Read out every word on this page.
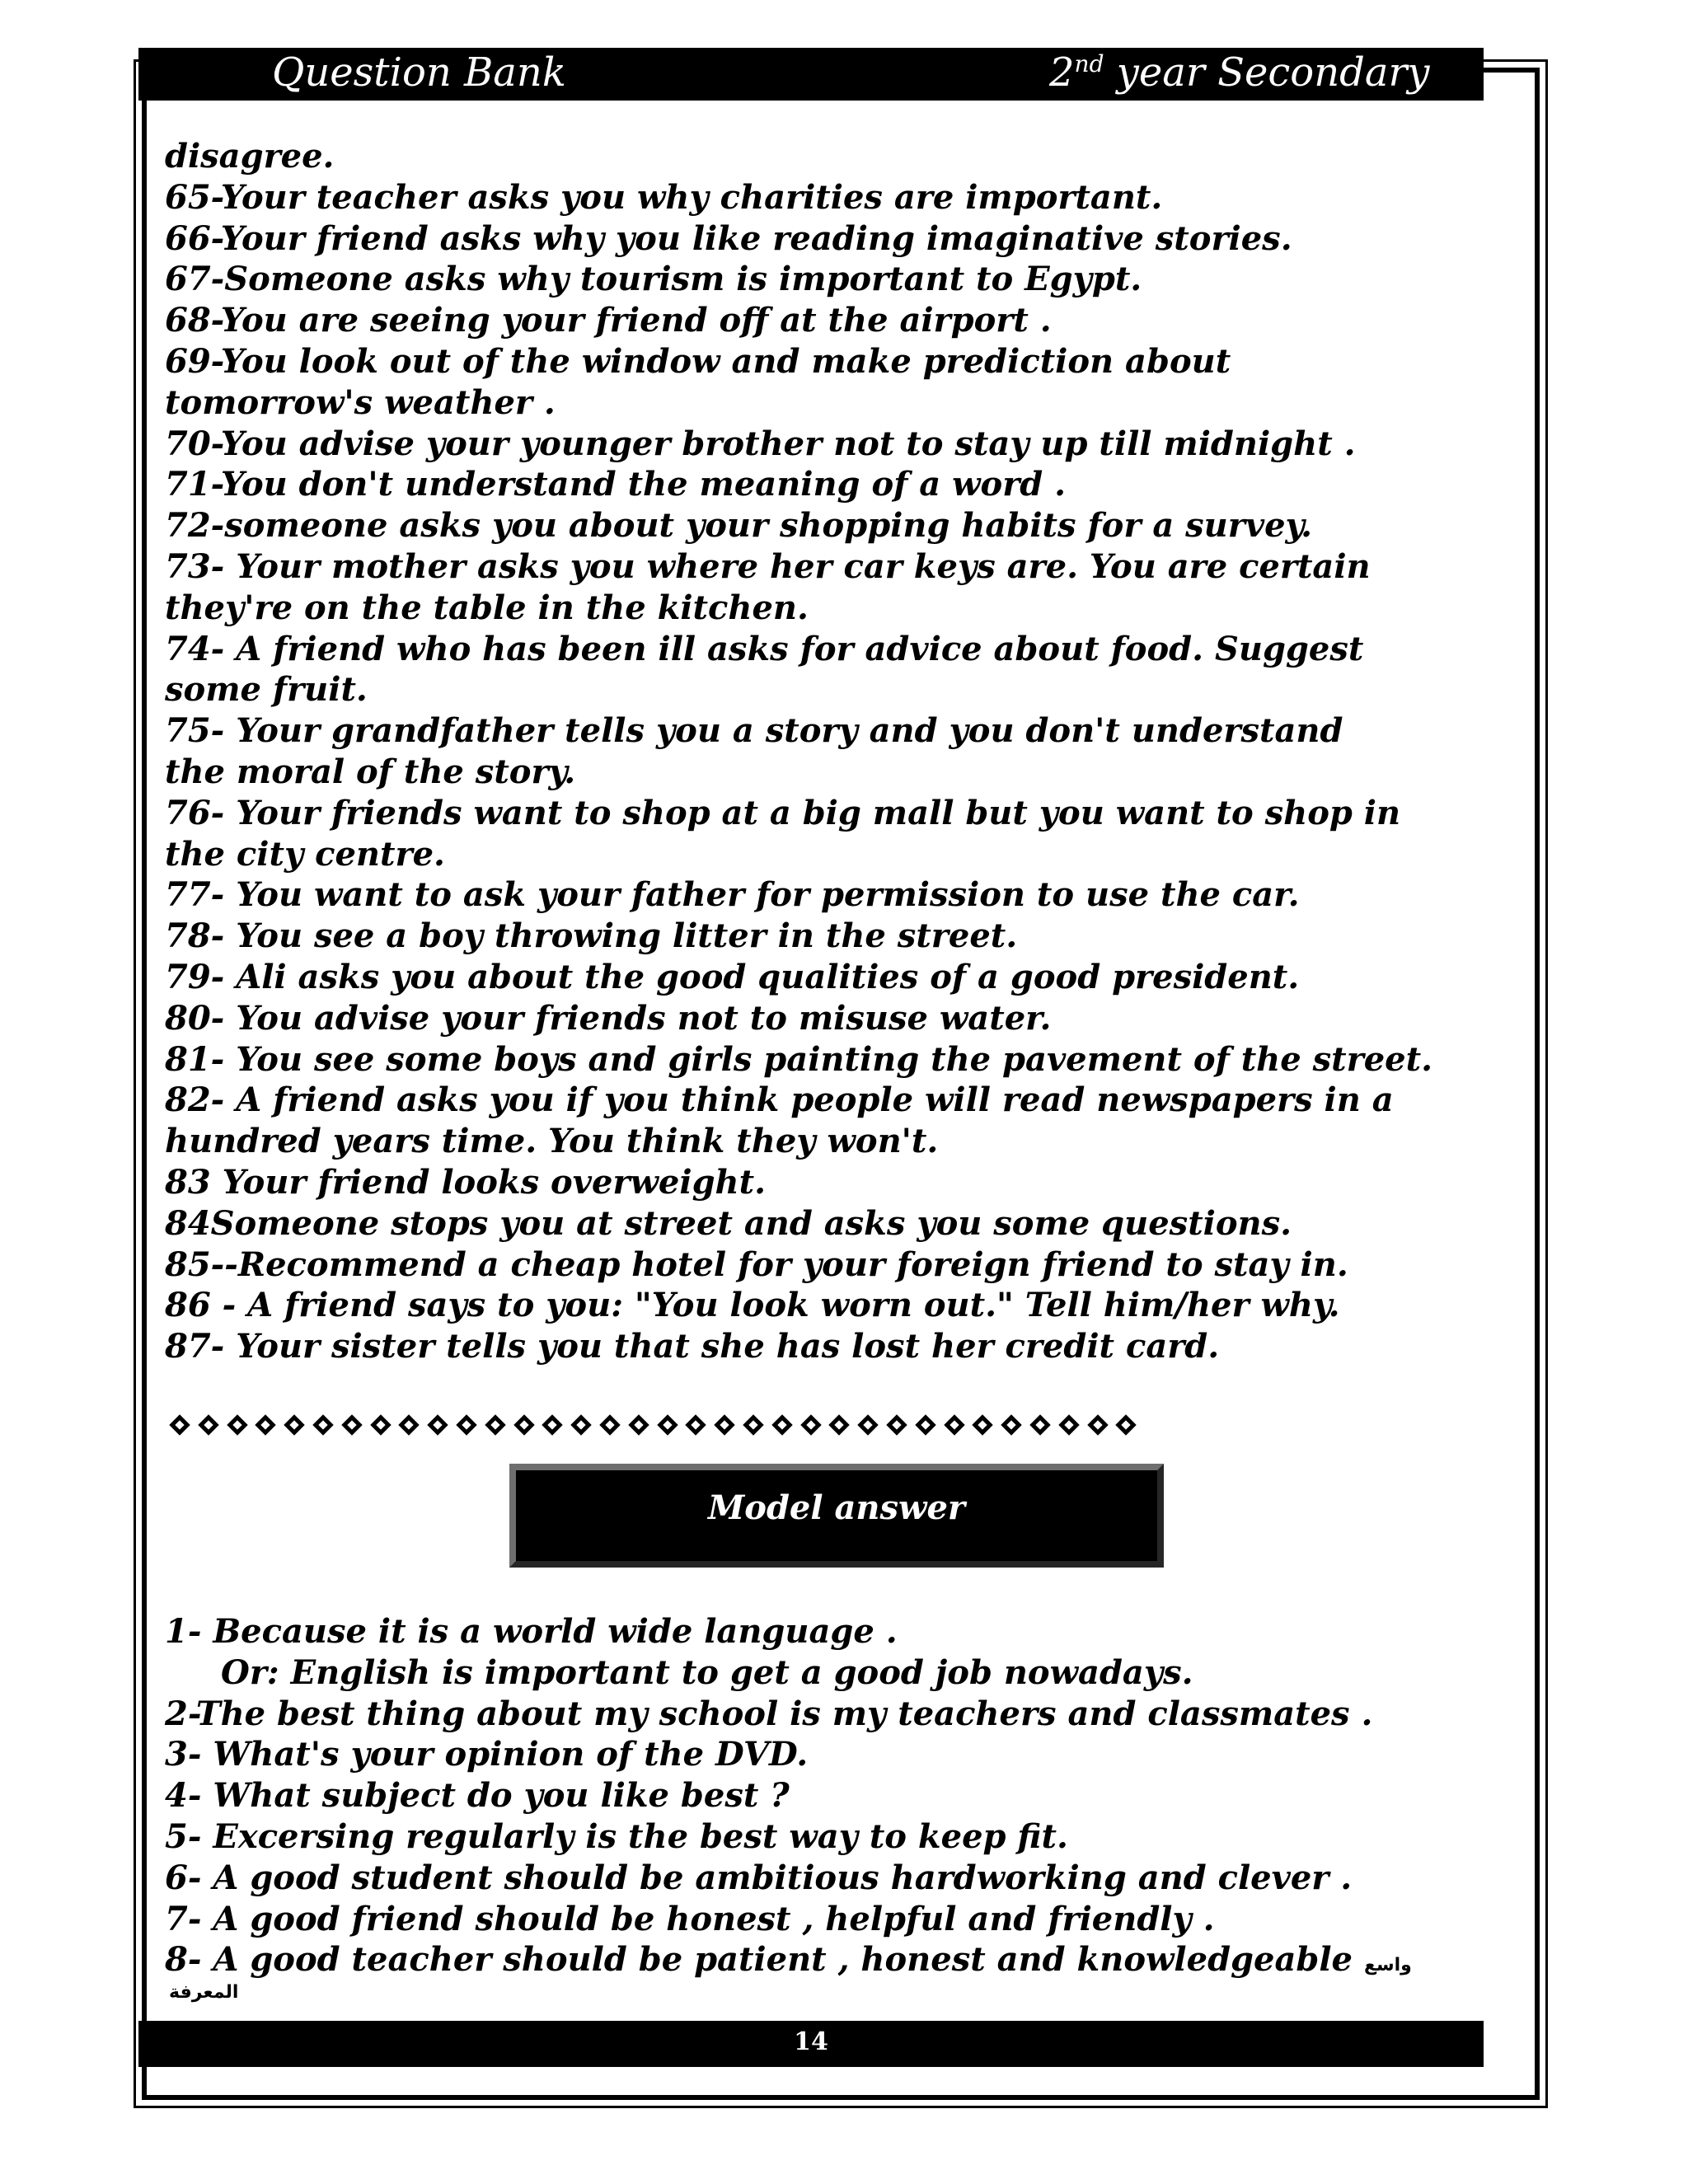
Question Bank	2nd year Secondary
disagree.
65-Your teacher asks you why charities are important.
66-Your friend asks why you like reading imaginative stories.
67-Someone asks why tourism is important to Egypt.
68-You are seeing your friend off at the airport .
69-You look out of the window and make prediction about
tomorrow's weather .
70-You advise your younger brother not to stay up till midnight .
71-You don't understand the meaning of a word .
72-someone asks you about your shopping habits for a survey.
73- Your mother asks you where her car keys are. You are certain
they're on the table in the kitchen.
74- A friend who has been ill asks for advice about food. Suggest
some fruit.
75- Your grandfather tells you a story and you don't understand
the moral of the story.
76- Your friends want to shop at a big mall but you want to shop in
the city centre.
77- You want to ask your father for permission to use the car.
78- You see a boy throwing litter in the street.
79- Ali asks you about the good qualities of a good president.
80- You advise your friends not to misuse water.
81- You see some boys and girls painting the pavement of the street.
82- A friend asks you if you think people will read newspapers in a
hundred years time. You think they won't.
83 Your friend looks overweight.
84Someone stops you at street and asks you some questions.
85--Recommend a cheap hotel for your foreign friend to stay in.
86 - A friend says to you: "You look worn out." Tell him/her why.
87- Your sister tells you that she has lost her credit card.
Model answer
1- Because it is a world wide language .
Or: English is important to get a good job nowadays.
2-The best thing about my school is my teachers and classmates .
3- What's your opinion of the DVD.
4- What subject do you like best ?
5- Excersing regularly is the best way to keep fit.
6- A good student should be ambitious hardworking and clever .
7- A good friend should be honest , helpful and friendly .
8- A good teacher should be patient , honest and knowledgeable واسع
المعرفة
14
